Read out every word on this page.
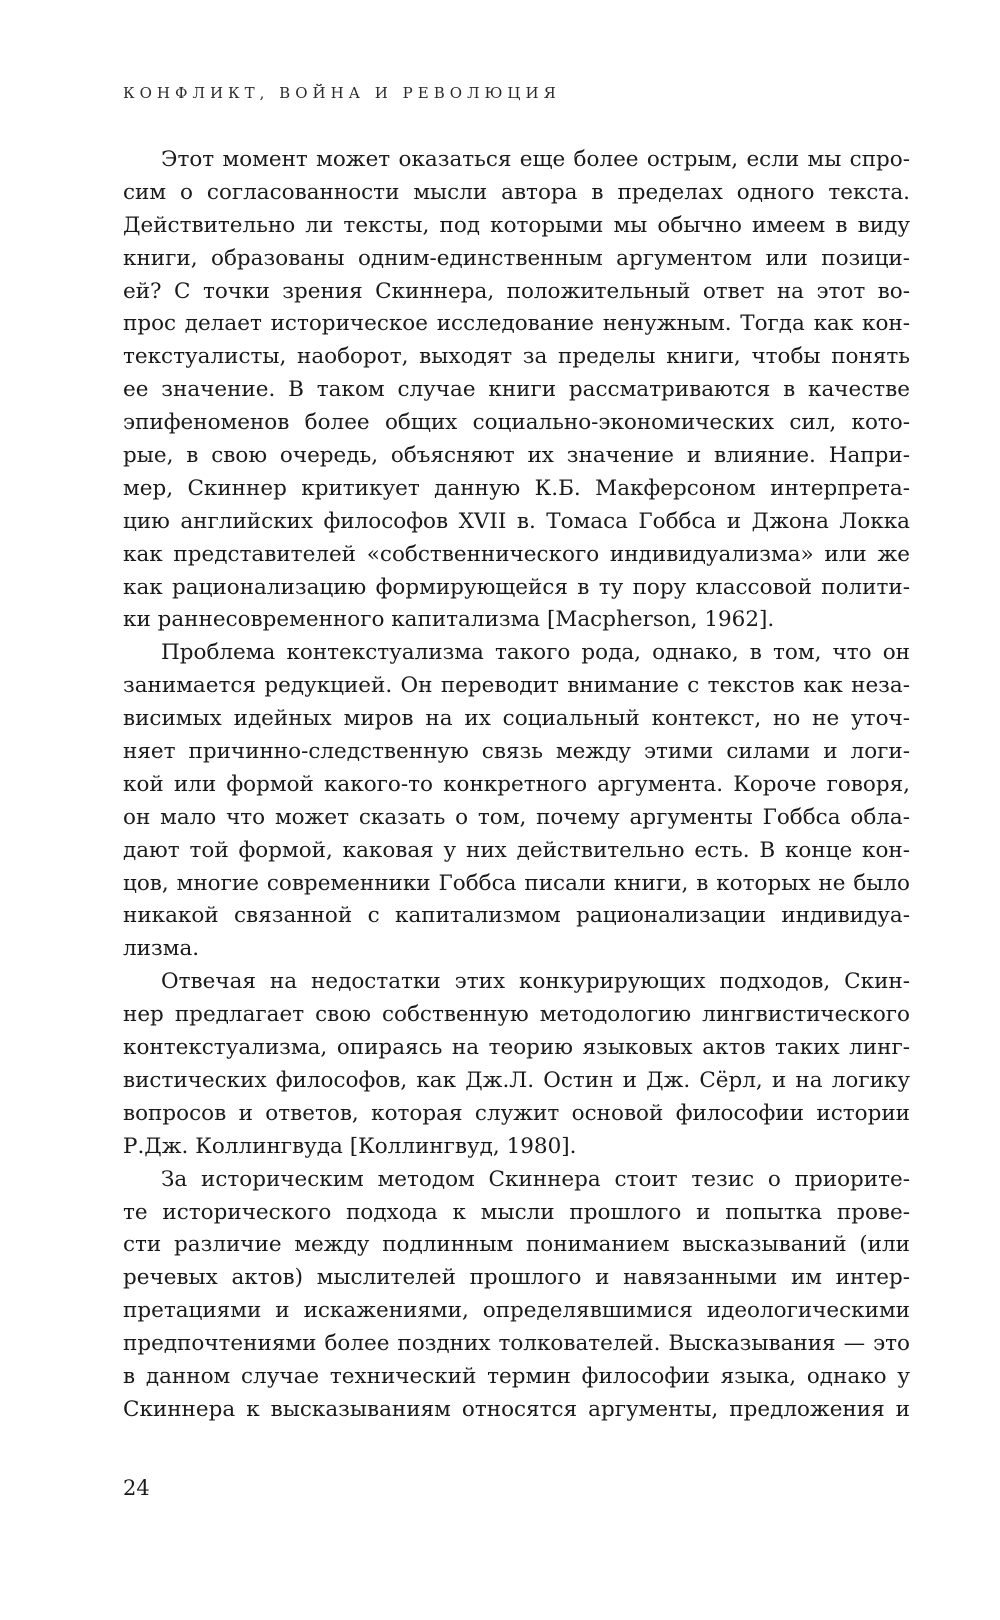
КОНФЛИКТ, ВОЙНА И РЕВОЛЮЦИЯ
Этот момент может оказаться еще более острым, если мы спро-
сим о согласованности мысли автора в пределах одного текста.
Действительно ли тексты, под которыми мы обычно имеем в виду
книги, образованы одним-единственным аргументом или позици-
ей? С точки зрения Скиннера, положительный ответ на этот во-
прос делает историческое исследование ненужным. Тогда как кон-
текстуалисты, наоборот, выходят за пределы книги, чтобы понять
ее значение. В таком случае книги рассматриваются в качестве
эпифеноменов более общих социально-экономических сил, кото-
рые, в свою очередь, объясняют их значение и влияние. Напри-
мер, Скиннер критикует данную К.Б. Макферсоном интерпрета-
цию английских философов XVII в. Томаса Гоббса и Джона Локка
как представителей «собственнического индивидуализма» или же
как рационализацию формирующейся в ту пору классовой полити-
ки раннесовременного капитализма [Macpherson, 1962].
Проблема контекстуализма такого рода, однако, в том, что он
занимается редукцией. Он переводит внимание с текстов как неза-
висимых идейных миров на их социальный контекст, но не уточ-
няет причинно-следственную связь между этими силами и логи-
кой или формой какого-то конкретного аргумента. Короче говоря,
он мало что может сказать о том, почему аргументы Гоббса обла-
дают той формой, каковая у них действительно есть. В конце кон-
цов, многие современники Гоббса писали книги, в которых не было
никакой связанной с капитализмом рационализации индивидуа-
лизма.
Отвечая на недостатки этих конкурирующих подходов, Скин-
нер предлагает свою собственную методологию лингвистического
контекстуализма, опираясь на теорию языковых актов таких линг-
вистических философов, как Дж.Л. Остин и Дж. Сёрл, и на логику
вопросов и ответов, которая служит основой философии истории
Р.Дж. Коллингвуда [Коллингвуд, 1980].
За историческим методом Скиннера стоит тезис о приорите-
те исторического подхода к мысли прошлого и попытка прове-
сти различие между подлинным пониманием высказываний (или
речевых актов) мыслителей прошлого и навязанными им интер-
претациями и искажениями, определявшимися идеологическими
предпочтениями более поздних толкователей. Высказывания — это
в данном случае технический термин философии языка, однако у
Скиннера к высказываниям относятся аргументы, предложения и
24
